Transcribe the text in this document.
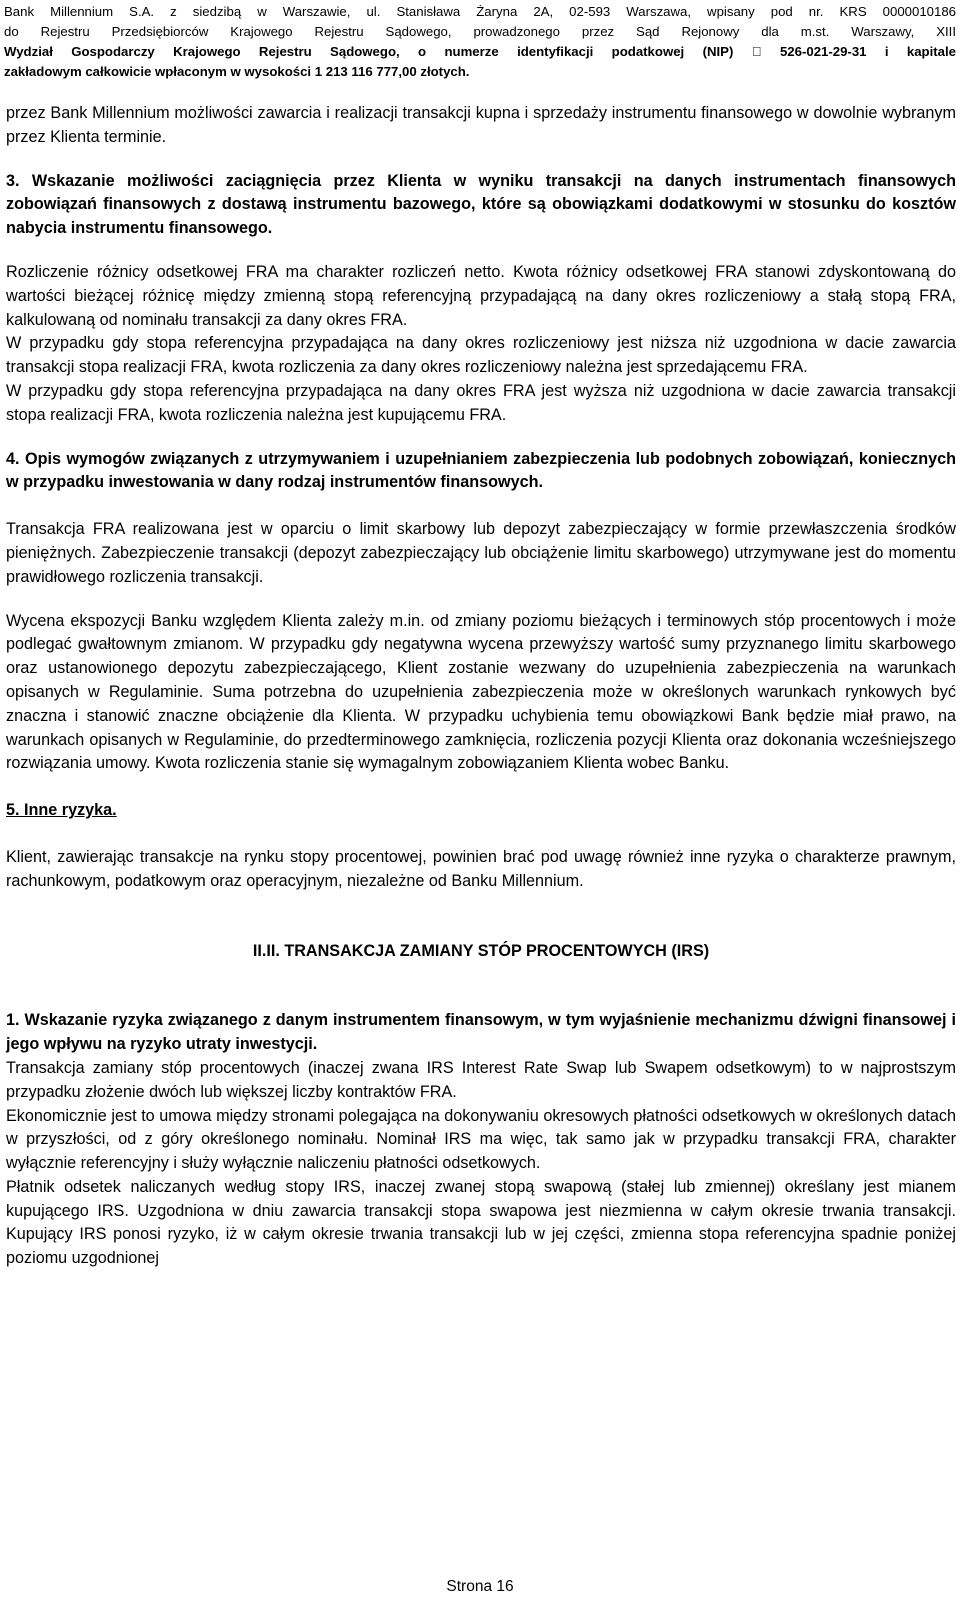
Bank Millennium S.A. z siedzibą w Warszawie, ul. Stanisława Żaryna 2A, 02-593 Warszawa, wpisany pod nr. KRS 0000010186

do Rejestru Przedsiębiorców Krajowego Rejestru Sądowego, prowadzonego przez Sąd Rejonowy dla m.st. Warszawy, XIII

Wydział Gospodarczy Krajowego Rejestru Sądowego, o numerze identyfikacji podatkowej (NIP) 526-021-29-31 i kapitale

zakładowym całkowicie wpłaconym w wysokości 1 213 116 777,00 złotych.

przez Bank Millennium możliwości zawarcia i realizacji transakcji kupna i sprzedaży instrumentu finansowego w dowolnie wybranym przez Klienta terminie.

3. Wskazanie możliwości zaciągnięcia przez Klienta w wyniku transakcji na danych instrumentach finansowych zobowiązań finansowych z dostawą instrumentu bazowego, które są obowiązkami dodatkowymi w stosunku do kosztów nabycia instrumentu finansowego.

Rozliczenie różnicy odsetkowej FRA ma charakter rozliczeń netto. Kwota różnicy odsetkowej FRA stanowi zdyskontowaną do wartości bieżącej różnicę między zmienną stopą referencyjną przypadającą na dany okres rozliczeniowy a stałą stopą FRA, kalkulowaną od nominału transakcji za dany okres FRA.

W przypadku gdy stopa referencyjna przypadająca na dany okres rozliczeniowy jest niższa niż uzgodniona w dacie zawarcia transakcji stopa realizacji FRA, kwota rozliczenia za dany okres rozliczeniowy należna jest sprzedającemu FRA.

W przypadku gdy stopa referencyjna przypadająca na dany okres FRA jest wyższa niż uzgodniona w dacie zawarcia transakcji stopa realizacji FRA, kwota rozliczenia należna jest kupującemu FRA.

4. Opis wymogów związanych z utrzymywaniem i uzupełnianiem zabezpieczenia lub podobnych zobowiązań, koniecznych w przypadku inwestowania w dany rodzaj instrumentów finansowych.

Transakcja FRA realizowana jest w oparciu o limit skarbowy lub depozyt zabezpieczający w formie przewłaszczenia środków pieniężnych. Zabezpieczenie transakcji (depozyt zabezpieczający lub obciążenie limitu skarbowego) utrzymywane jest do momentu prawidłowego rozliczenia transakcji.

Wycena ekspozycji Banku względem Klienta zależy m.in. od zmiany poziomu bieżących i terminowych stóp procentowych i może podlegać gwałtownym zmianom. W przypadku gdy negatywna wycena przewyższy wartość sumy przyznanego limitu skarbowego oraz ustanowionego depozytu zabezpieczającego, Klient zostanie wezwany do uzupełnienia zabezpieczenia na warunkach opisanych w Regulaminie. Suma potrzebna do uzupełnienia zabezpieczenia może w określonych warunkach rynkowych być znaczna i stanowić znaczne obciążenie dla Klienta. W przypadku uchybienia temu obowiązkowi Bank będzie miał prawo, na warunkach opisanych w Regulaminie, do przedterminowego zamknięcia, rozliczenia pozycji Klienta oraz dokonania wcześniejszego rozwiązania umowy. Kwota rozliczenia stanie się wymagalnym zobowiązaniem Klienta wobec Banku.

5. Inne ryzyka.

Klient, zawierając transakcje na rynku stopy procentowej, powinien brać pod uwagę również inne ryzyka o charakterze prawnym, rachunkowym, podatkowym oraz operacyjnym, niezależne od Banku Millennium.

II.II. TRANSAKCJA ZAMIANY STÓP PROCENTOWYCH (IRS)

1. Wskazanie ryzyka związanego z danym instrumentem finansowym, w tym wyjaśnienie mechanizmu dźwigni finansowej i jego wpływu na ryzyko utraty inwestycji.

Transakcja zamiany stóp procentowych (inaczej zwana IRS Interest Rate Swap lub Swapem odsetkowym) to w najprostszym przypadku złożenie dwóch lub większej liczby kontraktów FRA.

Ekonomicznie jest to umowa między stronami polegająca na dokonywaniu okresowych płatności odsetkowych w określonych datach w przyszłości, od z góry określonego nominału. Nominał IRS ma więc, tak samo jak w przypadku transakcji FRA, charakter wyłącznie referencyjny i służy wyłącznie naliczeniu płatności odsetkowych.

Płatnik odsetek naliczanych według stopy IRS, inaczej zwanej stopą swapową (stałej lub zmiennej) określany jest mianem kupującego IRS. Uzgodniona w dniu zawarcia transakcji stopa swapowa jest niezmienna w całym okresie trwania transakcji. Kupujący IRS ponosi ryzyko, iż w całym okresie trwania transakcji lub w jej części, zmienna stopa referencyjna spadnie poniżej poziomu uzgodnionej

Strona 16
